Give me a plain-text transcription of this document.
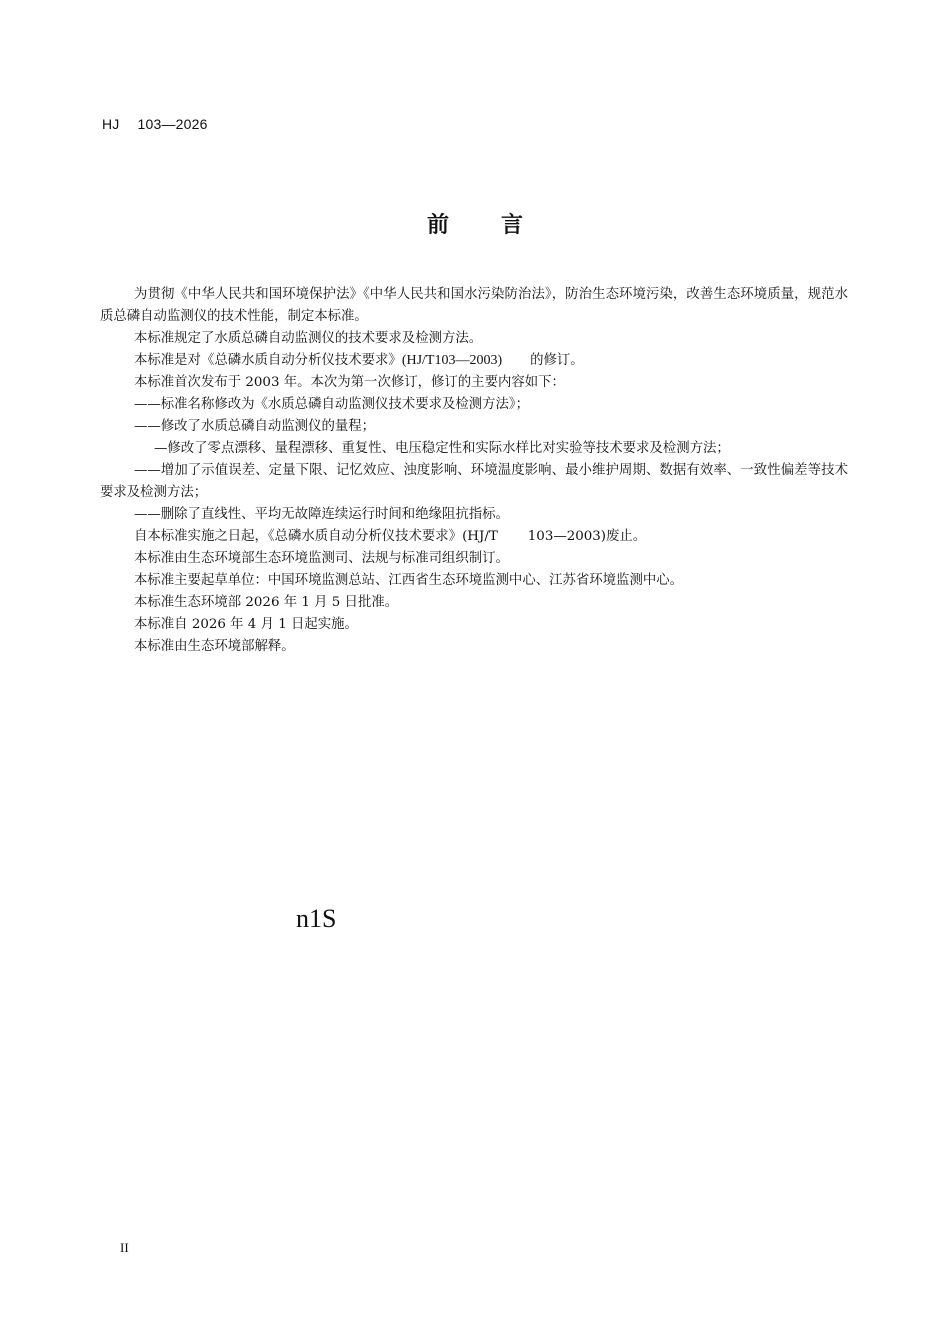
HJ 103—2026
前 言

为贯彻《中华人民共和国环境保护法》《中华人民共和国水污染防治法》，防治生态环境污染，改善生态环境质量，规范水质总磷自动监测仪的技术性能，制定本标准。

本标准规定了水质总磷自动监测仪的技术要求及检测方法。

本标准是对《总磷水质自动分析仪技术要求》(HJ/T103—2003) 的修订。

本标准首次发布于 2003 年。本次为第一次修订，修订的主要内容如下：

——标准名称修改为《水质总磷自动监测仪技术要求及检测方法》；

——修改了水质总磷自动监测仪的量程；

—修改了零点漂移、量程漂移、重复性、电压稳定性和实际水样比对实验等技术要求及检测方法；

——增加了示值误差、定量下限、记忆效应、浊度影响、环境温度影响、最小维护周期、数据有效率、一致性偏差等技术要求及检测方法；

——删除了直线性、平均无故障连续运行时间和绝缘阻抗指标。

自本标准实施之日起，《总磷水质自动分析仪技术要求》(HJ/T 103—2003)废止。

本标准由生态环境部生态环境监测司、法规与标准司组织制订。

本标准主要起草单位：中国环境监测总站、江西省生态环境监测中心、江苏省环境监测中心。

本标准生态环境部 2026 年 1 月 5 日批准。

本标准自 2026 年 4 月 1 日起实施。

本标准由生态环境部解释。

n1S
II
